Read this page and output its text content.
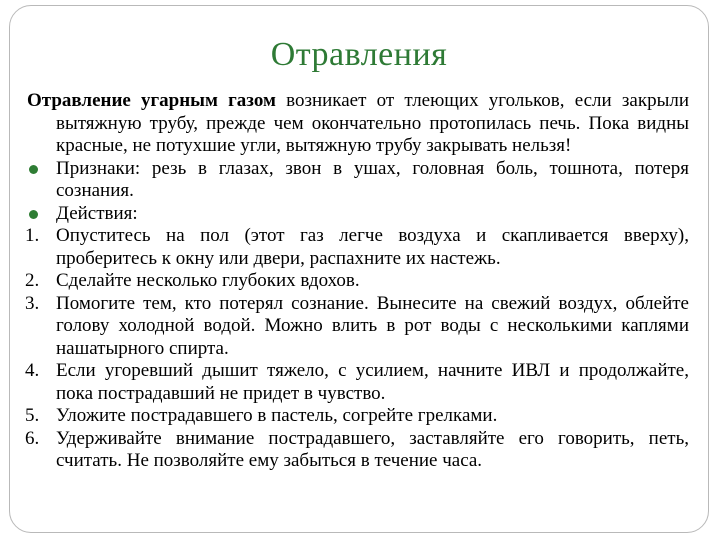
Отравления
Отравление угарным газом возникает от тлеющих угольков, если закрыли вытяжную трубу, прежде чем окончательно протопилась печь. Пока видны красные, не потухшие угли, вытяжную трубу закрывать нельзя!
Признаки: резь в глазах, звон в ушах, головная боль, тошнота, потеря сознания.
Действия:
1. Опуститесь на пол (этот газ легче воздуха и скапливается вверху), проберитесь к окну или двери, распахните их настежь.
2. Сделайте несколько глубоких вдохов.
3. Помогите тем, кто потерял сознание. Вынесите на свежий воздух, облейте голову холодной водой. Можно влить в рот воды с несколькими каплями нашатырного спирта.
4. Если угоревший дышит тяжело, с усилием, начните ИВЛ и продолжайте, пока пострадавший не придет в чувство.
5. Уложите пострадавшего в пастель, согрейте грелками.
6. Удерживайте внимание пострадавшего, заставляйте его говорить, петь, считать. Не позволяйте ему забыться в течение часа.
